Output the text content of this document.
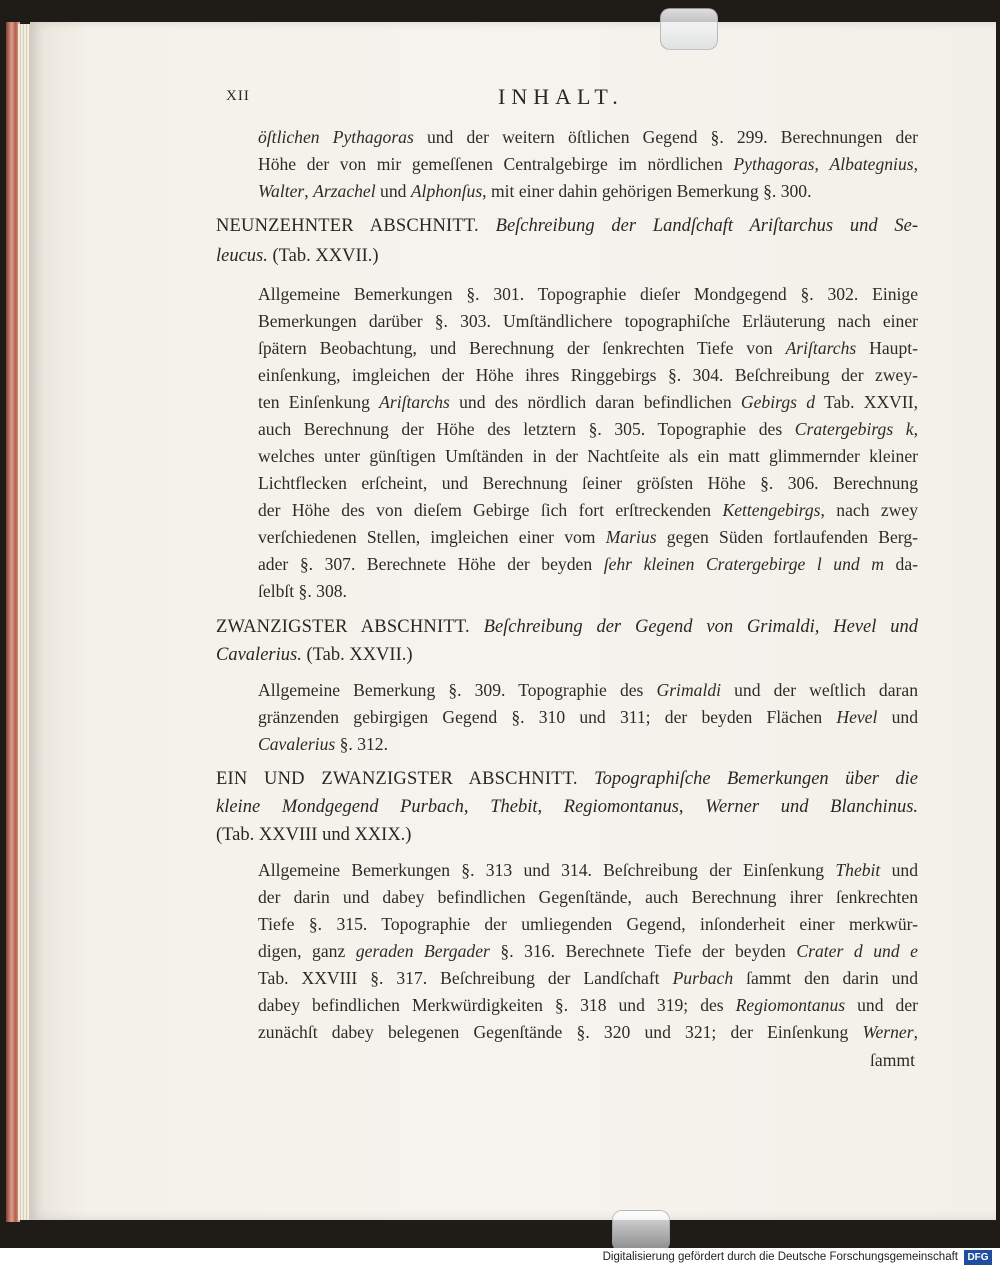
XII	INHALT.
öſtlichen Pythagoras und der weitern öſtlichen Gegend §. 299. Berechnungen der
Höhe der von mir gemeſſenen Centralgebirge im nördlichen Pythagoras, Albategnius,
Walter, Arzachel und Alphonſus, mit einer dahin gehörigen Bemerkung §. 300.
NEUNZEHNTER ABSCHNITT. Beſchreibung der Landſchaft Ariſtarchus und Se-
leucus. (Tab. XXVII.)
Allgemeine Bemerkungen §. 301. Topographie dieſer Mondgegend §. 302. Einige
Bemerkungen darüber §. 303. Umſtändlichere topographiſche Erläuterung nach einer
ſpätern Beobachtung, und Berechnung der ſenkrechten Tiefe von Ariſtarchs Haupt-
einſenkung, imgleichen der Höhe ihres Ringgebirgs §. 304. Beſchreibung der zwey-
ten Einſenkung Ariſtarchs und des nördlich daran befindlichen Gebirgs d Tab. XXVII,
auch Berechnung der Höhe des letztern §. 305. Topographie des Cratergebirgs k,
welches unter günſtigen Umſtänden in der Nachtſeite als ein matt glimmernder kleiner
Lichtflecken erſcheint, und Berechnung ſeiner gröſsten Höhe §. 306. Berechnung
der Höhe des von dieſem Gebirge ſich fort erſtreckenden Kettengebirgs, nach zwey
verſchiedenen Stellen, imgleichen einer vom Marius gegen Süden fortlaufenden Berg-
ader §. 307. Berechnete Höhe der beyden ſehr kleinen Cratergebirge l und m da-
ſelbſt §. 308.
ZWANZIGSTER ABSCHNITT. Beſchreibung der Gegend von Grimaldi, Hevel und
Cavalerius. (Tab. XXVII.)
Allgemeine Bemerkung §. 309. Topographie des Grimaldi und der weſtlich daran
gränzenden gebirgigen Gegend §. 310 und 311; der beyden Flächen Hevel und
Cavalerius §. 312.
EIN UND ZWANZIGSTER ABSCHNITT. Topographiſche Bemerkungen über die
kleine Mondgegend Purbach, Thebit, Regiomontanus, Werner und Blanchinus.
(Tab. XXVIII und XXIX.)
Allgemeine Bemerkungen §. 313 und 314. Beſchreibung der Einſenkung Thebit und
der darin und dabey befindlichen Gegenſtände, auch Berechnung ihrer ſenkrechten
Tiefe §. 315. Topographie der umliegenden Gegend, inſonderheit einer merkwür-
digen, ganz geraden Bergader §. 316. Berechnete Tiefe der beyden Crater d und e
Tab. XXVIII §. 317. Beſchreibung der Landſchaft Purbach ſammt den darin und
dabey befindlichen Merkwürdigkeiten §. 318 und 319; des Regiomontanus und der
zunächſt dabey belegenen Gegenſtände §. 320 und 321; der Einſenkung Werner,
ſammt
Digitalisierung gefördert durch die Deutsche Forschungsgemeinschaft DFG
